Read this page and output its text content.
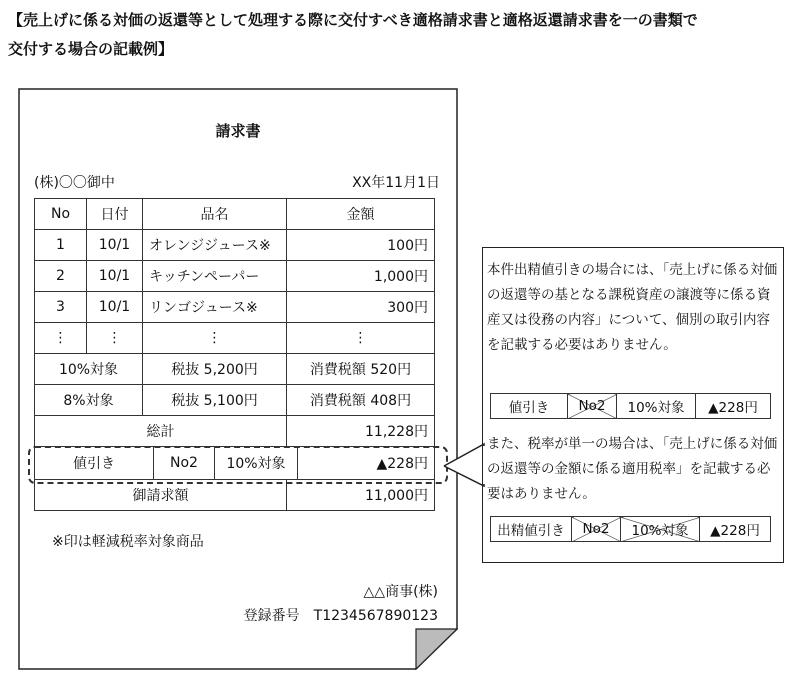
【売上げに係る対価の返還等として処理する際に交付すべき適格請求書と適格返還請求書を一の書類で
交付する場合の記載例】
請求書
(株)〇〇御中	XX年11月1日
No	日付	品名	金額
1	10/1	オレンジジュース※	100円
2	10/1	キッチンペーパー	1,000円
3	10/1	リンゴジュース※	300円
⋮	⋮	⋮	⋮
10%対象	税抜 5,200円	消費税額 520円
8%対象	税抜 5,100円	消費税額 408円
総計	11,228円

値引き	No2	10%対象	▲228円

御請求額	11,000円
※印は軽減税率対象商品
△△商事(株)
登録番号　T1234567890123
本件出精値引きの場合には、「売上げに係る対価の返還等の基となる課税資産の譲渡等に係る資産又は役務の内容」について、個別の取引内容を記載する必要はありません。
値引き	No2	10%対象	▲228円
また、税率が単一の場合は、「売上げに係る対価の返還等の金額に係る適用税率」を記載する必要はありません。
出精値引き	No2	10%対象	▲228円
